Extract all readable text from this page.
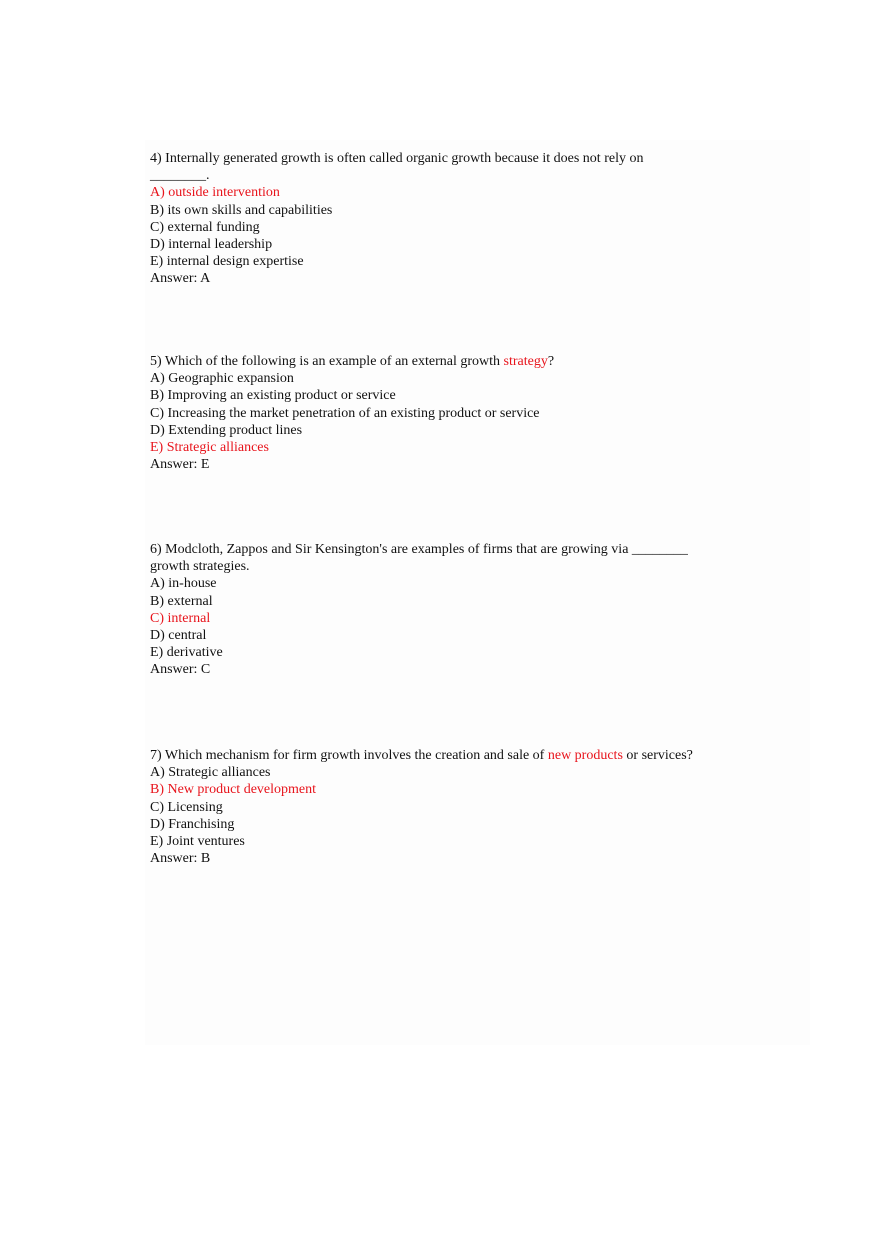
4) Internally generated growth is often called organic growth because it does not rely on
________.
A) outside intervention
B) its own skills and capabilities
C) external funding
D) internal leadership
E) internal design expertise
Answer: A
5) Which of the following is an example of an external growth strategy?
A) Geographic expansion
B) Improving an existing product or service
C) Increasing the market penetration of an existing product or service
D) Extending product lines
E) Strategic alliances
Answer: E
6) Modcloth, Zappos and Sir Kensington's are examples of firms that are growing via ________
growth strategies.
A) in-house
B) external
C) internal
D) central
E) derivative
Answer: C
7) Which mechanism for firm growth involves the creation and sale of new products or services?
A) Strategic alliances
B) New product development
C) Licensing
D) Franchising
E) Joint ventures
Answer: B
